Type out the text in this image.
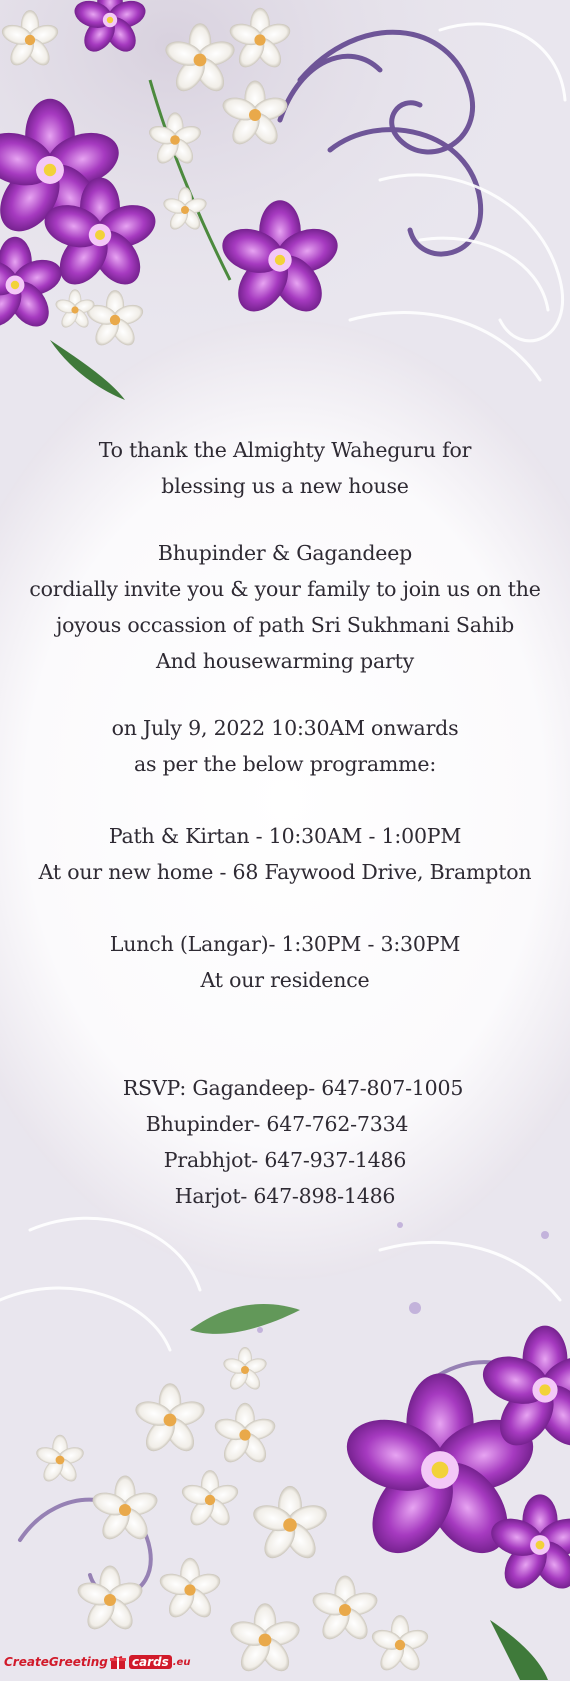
To thank the Almighty Waheguru for
blessing us a new house
Bhupinder & Gagandeep
cordially invite you & your family to join us on the
joyous occassion of path Sri Sukhmani Sahib
And housewarming party
on July 9, 2022 10:30AM onwards
as per the below programme:
Path & Kirtan - 10:30AM - 1:00PM
At our new home - 68 Faywood Drive, Brampton
Lunch (Langar)- 1:30PM - 3:30PM
At our residence
RSVP: Gagandeep- 647-807-1005
Bhupinder- 647-762-7334
Prabhjot- 647-937-1486
Harjot- 647-898-1486
CreateGreeting cards .eu
